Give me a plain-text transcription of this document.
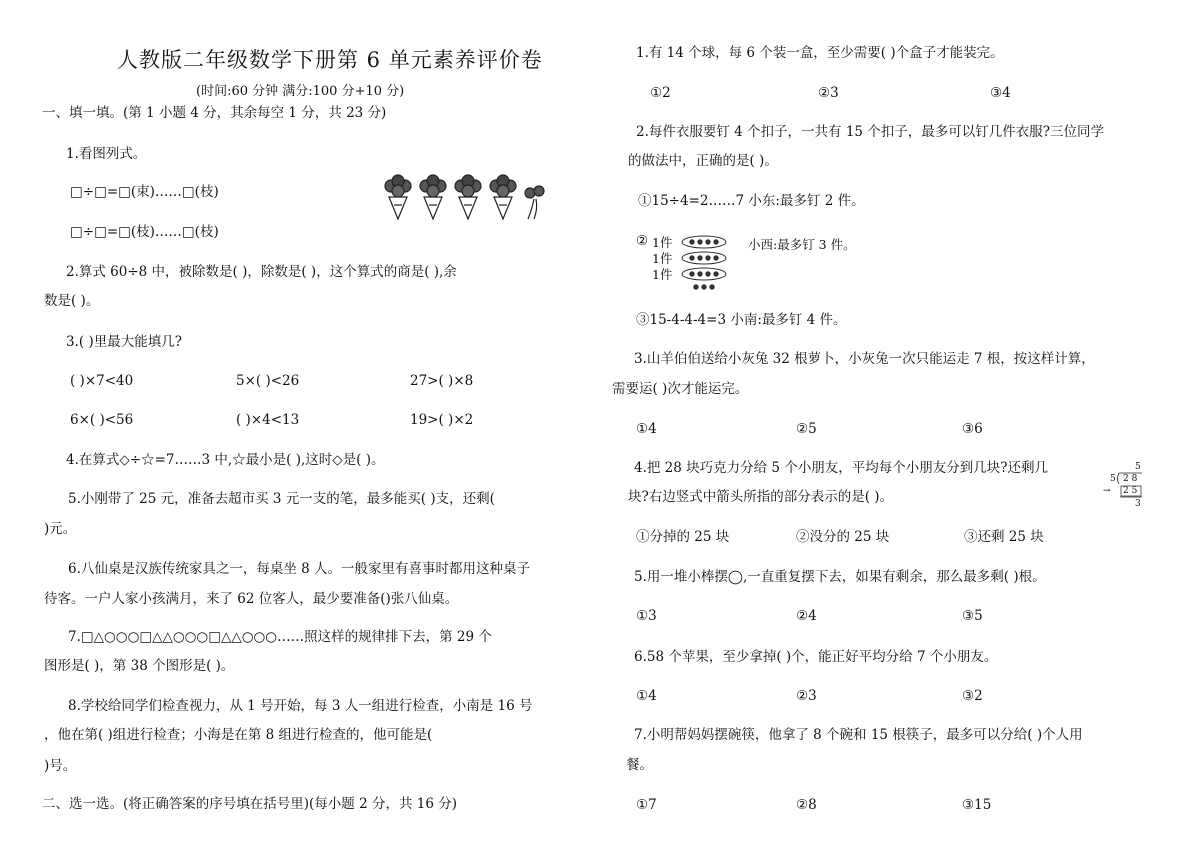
人教版二年级数学下册第 6 单元素养评价卷
(时间:60 分钟 满分:100 分+10 分)
一、填一填。(第 1 小题 4 分，其余每空 1 分，共 23 分)
1.看图列式。
□÷□=□(束)……□(枝)
□÷□=□(枝)……□(枝)
2.算式 60÷8 中，被除数是( )，除数是( )，这个算式的商是( ),余
数是( )。
3.( )里最大能填几?
( )×7<40	5×( )<26	27>( )×8
6×( )<56	( )×4<13	19>( )×2
4.在算式◇÷☆=7……3 中,☆最小是( ),这时◇是( )。
5.小刚带了 25 元，准备去超市买 3 元一支的笔，最多能买( )支，还剩(
)元。
6.八仙桌是汉族传统家具之一，每桌坐 8 人。一般家里有喜事时都用这种桌子
待客。一户人家小孩满月，来了 62 位客人，最少要准备()张八仙桌。
7.□△○○○□△△○○○□△△○○○……照这样的规律排下去，第 29 个
图形是( )，第 38 个图形是( )。
8.学校给同学们检查视力，从 1 号开始，每 3 人一组进行检查，小南是 16 号
，他在第( )组进行检查；小海是在第 8 组进行检查的，他可能是(
)号。
二、选一选。(将正确答案的序号填在括号里)(每小题 2 分，共 16 分)
1.有 14 个球，每 6 个装一盒，至少需要( )个盒子才能装完。
①2	②3	③4
2.每件衣服要钉 4 个扣子，一共有 15 个扣子，最多可以钉几件衣服?三位同学
的做法中，正确的是( )。
①15÷4=2……7 小东:最多钉 2 件。
② 1件
1件
1件
小西:最多钉 3 件。
③15-4-4-4=3 小南:最多钉 4 件。
3.山羊伯伯送给小灰兔 32 根萝卜，小灰兔一次只能运走 7 根，按这样计算，
需要运( )次才能运完。
①4	②5	③6
4.把 28 块巧克力分给 5 个小朋友，平均每个小朋友分到几块?还剩几
块?右边竖式中箭头所指的部分表示的是( )。
5
5 2 8
→ 2 5
3
①分掉的 25 块	②没分的 25 块	③还剩 25 块
5.用一堆小棒摆◯,一直重复摆下去，如果有剩余，那么最多剩( )根。
①3	②4	③5
6.58 个苹果，至少拿掉( )个，能正好平均分给 7 个小朋友。
①4	②3	③2
7.小明帮妈妈摆碗筷，他拿了 8 个碗和 15 根筷子，最多可以分给( )个人用
餐。
①7	②8	③15
